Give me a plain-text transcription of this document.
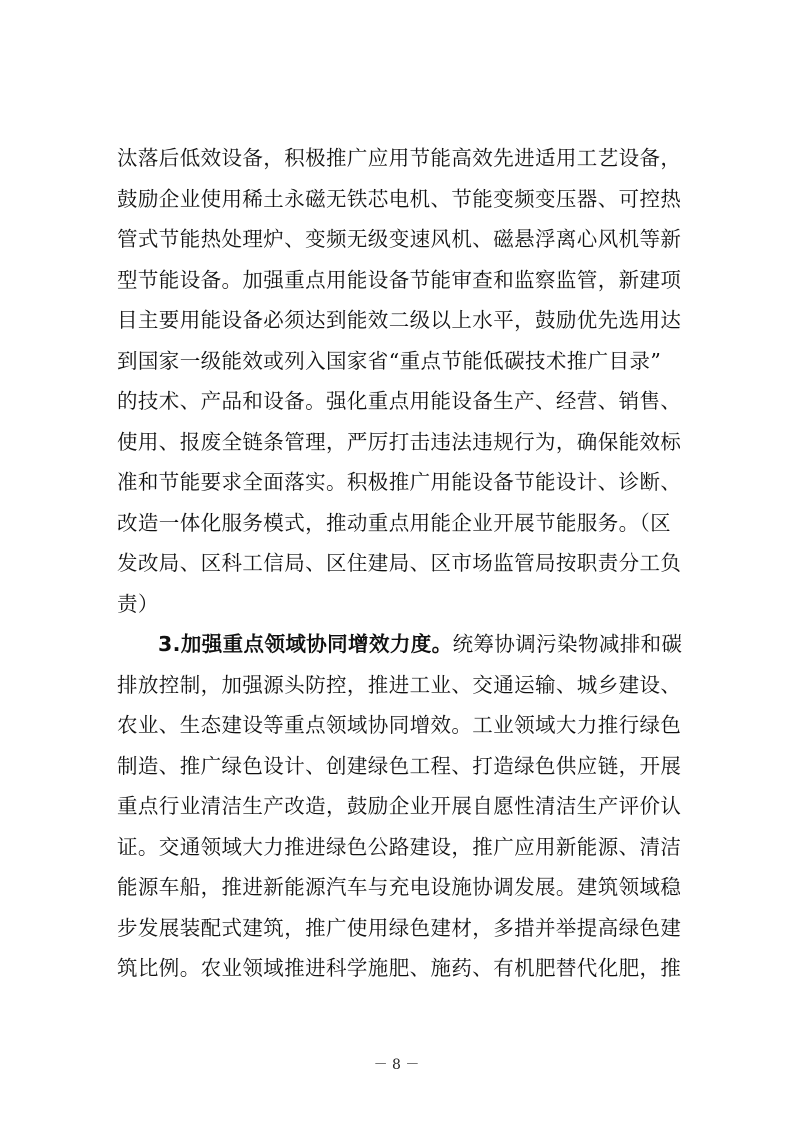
汰落后低效设备，积极推广应用节能高效先进适用工艺设备，
鼓励企业使用稀土永磁无铁芯电机、节能变频变压器、可控热
管式节能热处理炉、变频无级变速风机、磁悬浮离心风机等新
型节能设备。加强重点用能设备节能审查和监察监管，新建项
目主要用能设备必须达到能效二级以上水平，鼓励优先选用达
到国家一级能效或列入国家省“重点节能低碳技术推广目录”
的技术、产品和设备。强化重点用能设备生产、经营、销售、
使用、报废全链条管理，严厉打击违法违规行为，确保能效标
准和节能要求全面落实。积极推广用能设备节能设计、诊断、
改造一体化服务模式，推动重点用能企业开展节能服务。（区
发改局、区科工信局、区住建局、区市场监管局按职责分工负
责）
3.加强重点领域协同增效力度。统筹协调污染物减排和碳
排放控制，加强源头防控，推进工业、交通运输、城乡建设、
农业、生态建设等重点领域协同增效。工业领域大力推行绿色
制造、推广绿色设计、创建绿色工程、打造绿色供应链，开展
重点行业清洁生产改造，鼓励企业开展自愿性清洁生产评价认
证。交通领域大力推进绿色公路建设，推广应用新能源、清洁
能源车船，推进新能源汽车与充电设施协调发展。建筑领域稳
步发展装配式建筑，推广使用绿色建材，多措并举提高绿色建
筑比例。农业领域推进科学施肥、施药、有机肥替代化肥，推
－ 8 －
